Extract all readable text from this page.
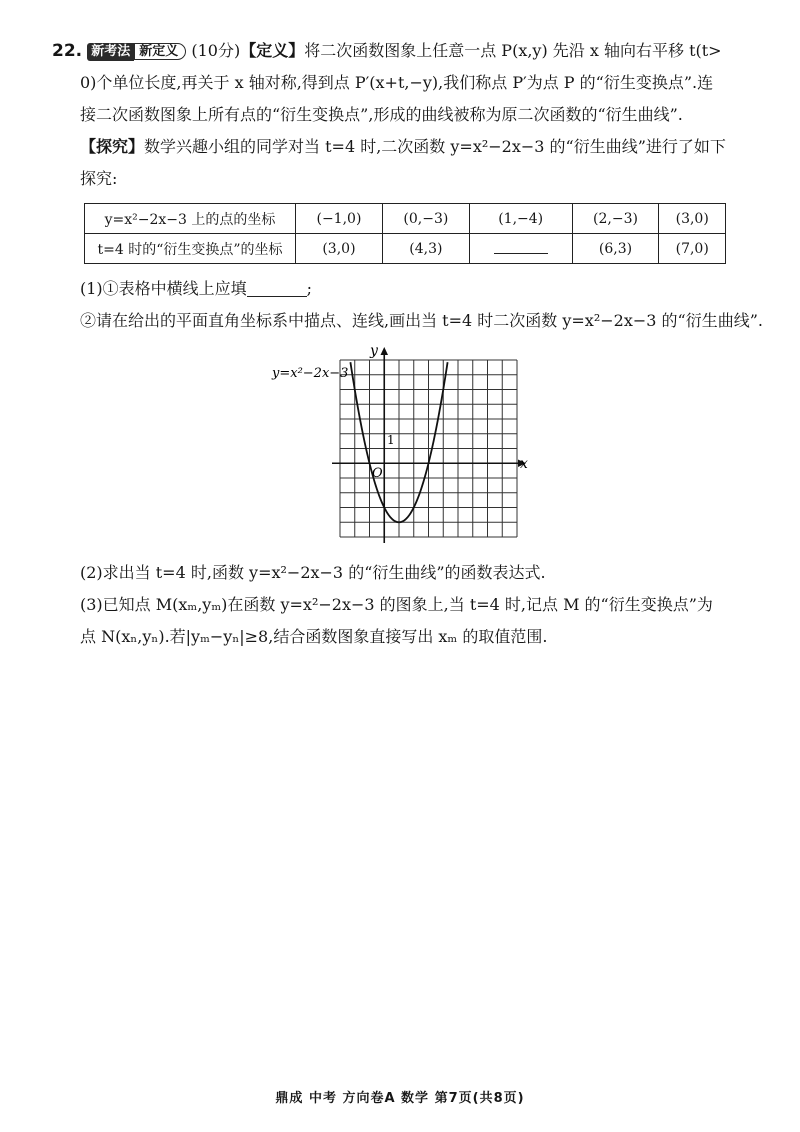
22. 新考法 新定义 (10分)【定义】将二次函数图象上任意一点 P(x,y) 先沿 x 轴向右平移 t(t>
0)个单位长度,再关于 x 轴对称,得到点 P′(x+t,−y),我们称点 P′为点 P 的“衍生变换点”.连
接二次函数图象上所有点的“衍生变换点”,形成的曲线被称为原二次函数的“衍生曲线”.
【探究】数学兴趣小组的同学对当 t=4 时,二次函数 y=x²−2x−3 的“衍生曲线”进行了如下
探究:
y=x²−2x−3 上的点的坐标	(−1,0)	(0,−3)	(1,−4)	(2,−3)	(3,0)
t=4 时的“衍生变换点”的坐标	(3,0)	(4,3)		(6,3)	(7,0)
(1)①表格中横线上应填	;
②请在给出的平面直角坐标系中描点、连线,画出当 t=4 时二次函数 y=x²−2x−3 的“衍生曲线”.
y=x²−2x−3
x
y
O
1
(2)求出当 t=4 时,函数 y=x²−2x−3 的“衍生曲线”的函数表达式.
(3)已知点 M(xₘ,yₘ)在函数 y=x²−2x−3 的图象上,当 t=4 时,记点 M 的“衍生变换点”为
点 N(xₙ,yₙ).若|yₘ−yₙ|≥8,结合函数图象直接写出 xₘ 的取值范围.
鼎成 中考 方向卷A 数学 第7页(共8页)
